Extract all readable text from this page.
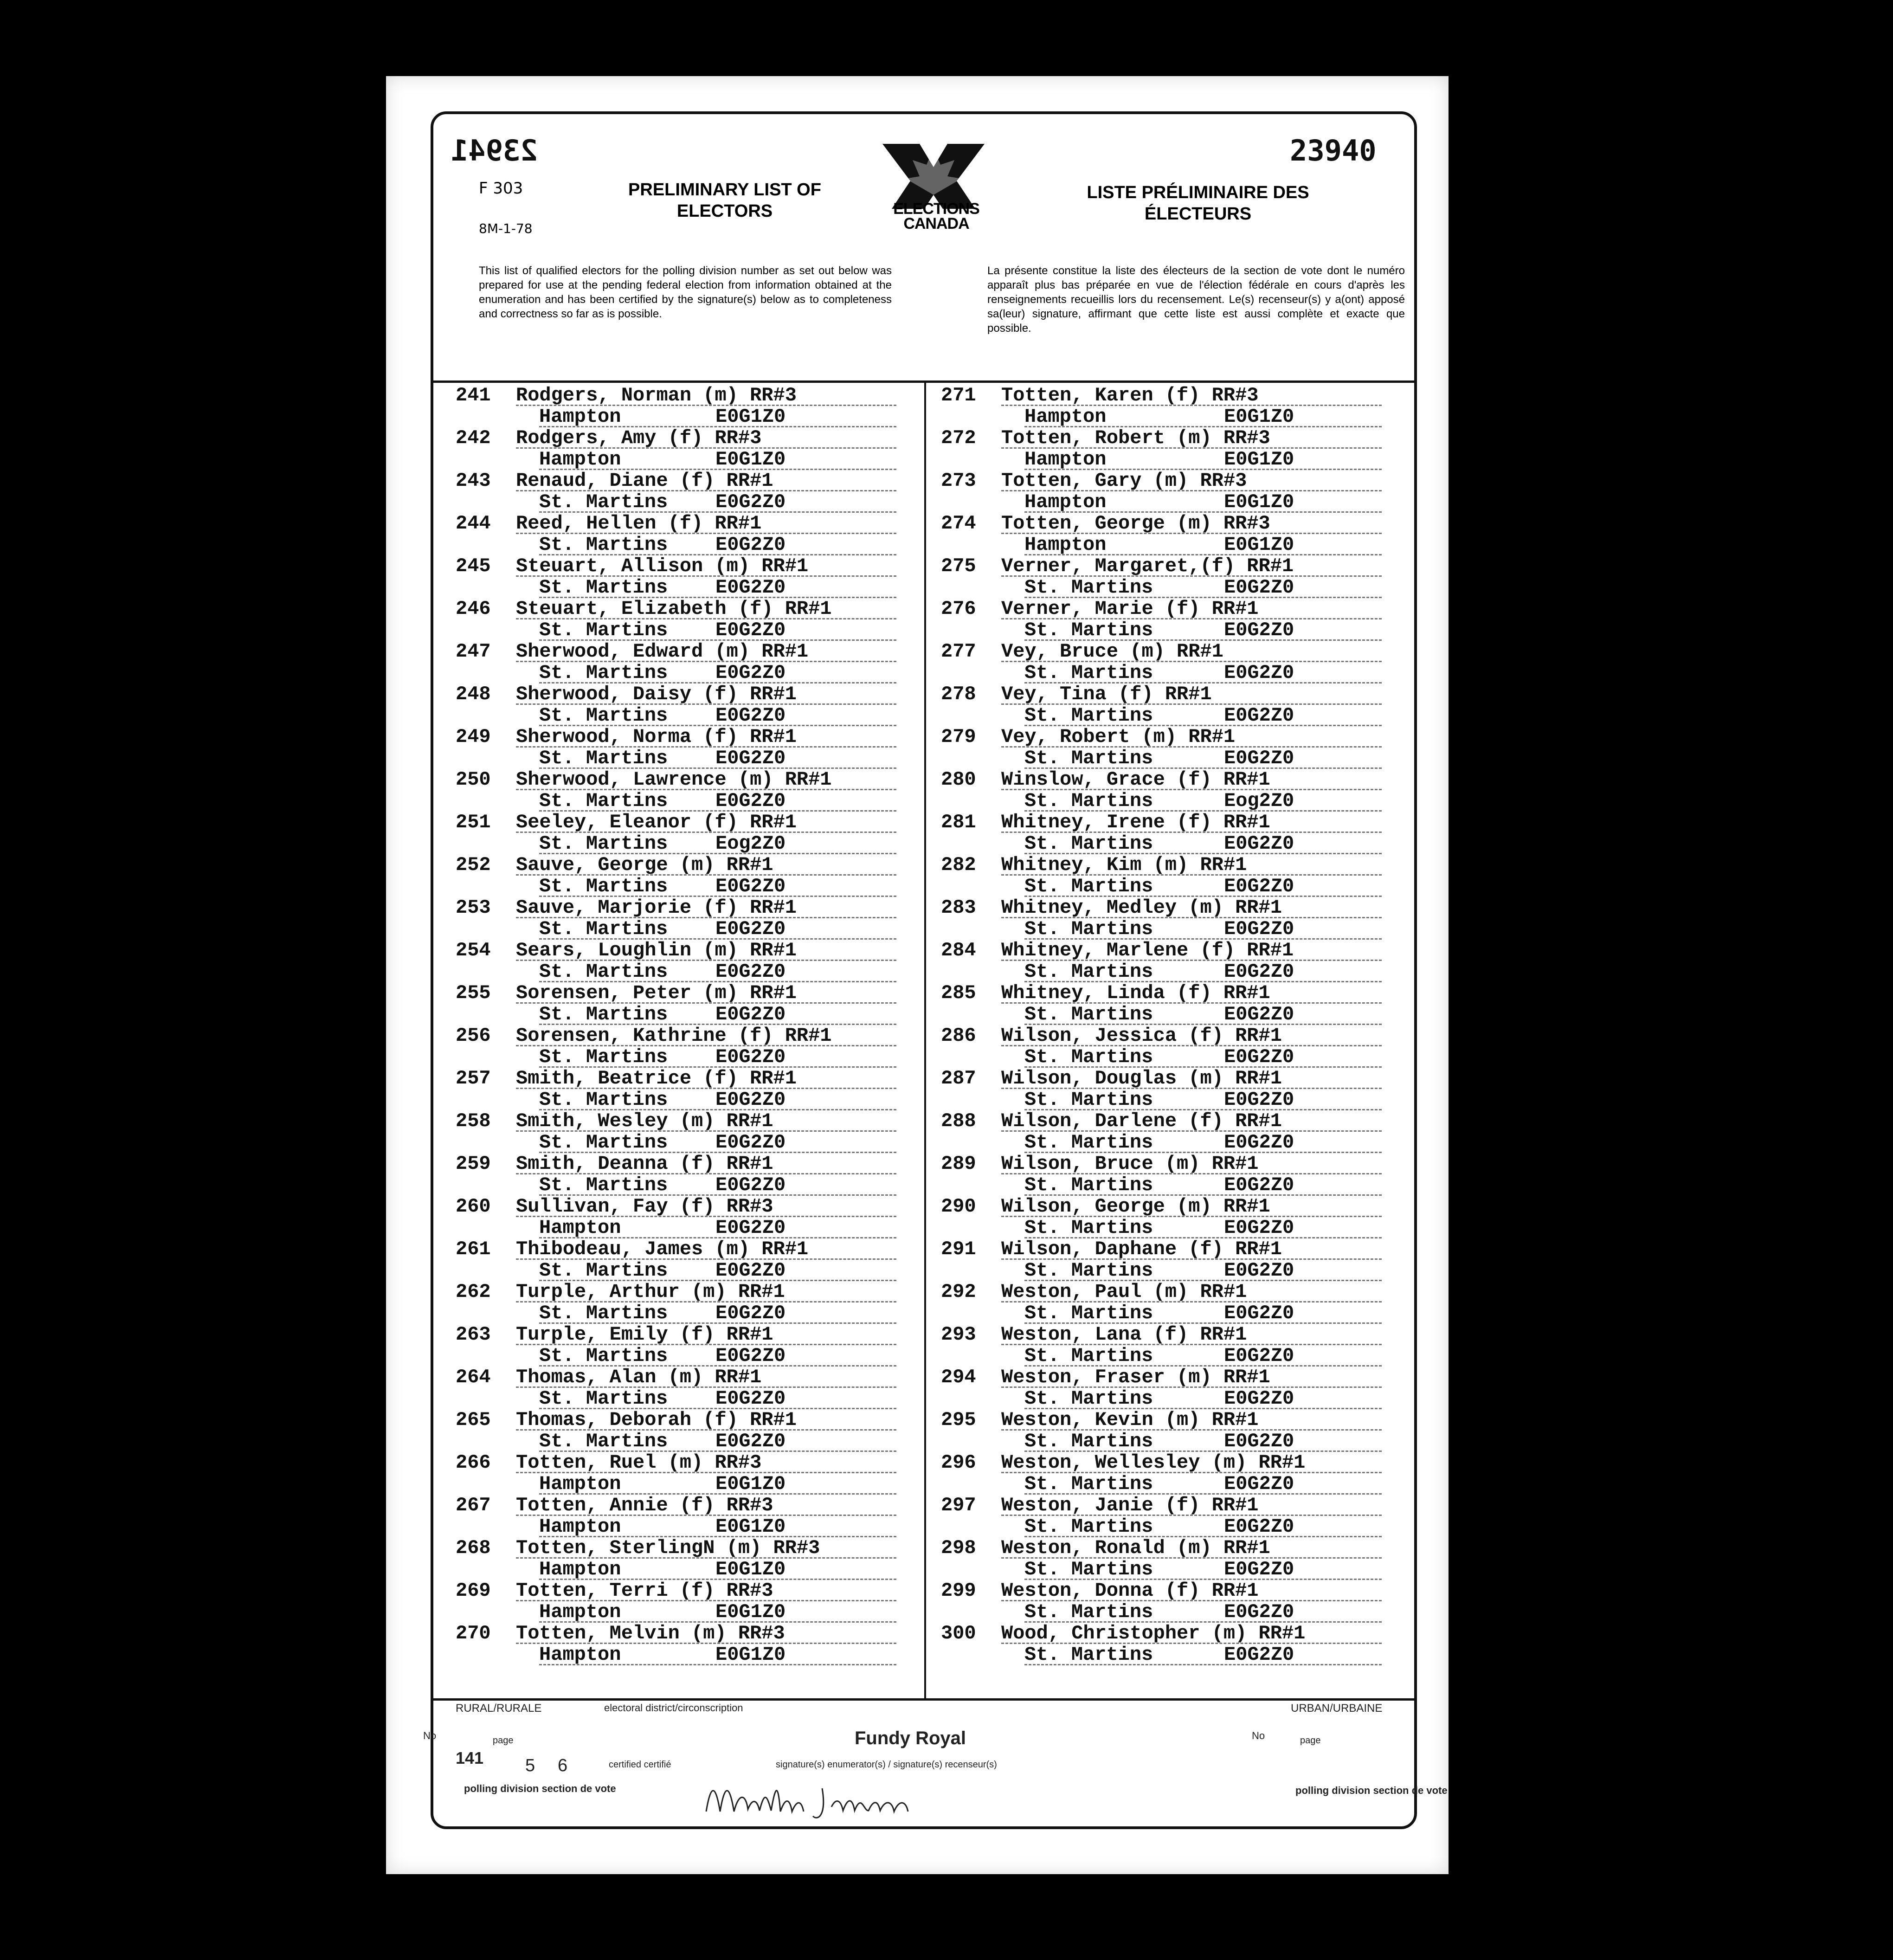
23941	23940
F 303
8M-1-78
PRELIMINARY LIST OF ELECTORS	ELECTIONS CANADA
LISTE PRÉLIMINAIRE DES ÉLECTEURS
This list of qualified electors for the polling division number as set out below was prepared for use at the pending federal election from information obtained at the enumeration and has been certified by the signature(s) below as to completeness and correctness so far as is possible.
La présente constitue la liste des électeurs de la section de vote dont le numéro apparaît plus bas préparée en vue de l'élection fédérale en cours d'après les renseignements recueillis lors du recensement. Le(s) recenseur(s) y a(ont) apposé sa(leur) signature, affirmant que cette liste est aussi complète et exacte que possible.
241	Rodgers, Norman (m) RR#3
Hampton	E0G1Z0
242	Rodgers, Amy (f) RR#3
Hampton	E0G1Z0
243	Renaud, Diane (f) RR#1
St. Martins	E0G2Z0
244	Reed, Hellen (f) RR#1
St. Martins	E0G2Z0
245	Steuart, Allison (m) RR#1
St. Martins	E0G2Z0
246	Steuart, Elizabeth (f) RR#1
St. Martins	E0G2Z0
247	Sherwood, Edward (m) RR#1
St. Martins	E0G2Z0
248	Sherwood, Daisy (f) RR#1
St. Martins	E0G2Z0
249	Sherwood, Norma (f) RR#1
St. Martins	E0G2Z0
250	Sherwood, Lawrence (m) RR#1
St. Martins	E0G2Z0
251	Seeley, Eleanor (f) RR#1
St. Martins	Eog2Z0
252	Sauve, George (m) RR#1
St. Martins	E0G2Z0
253	Sauve, Marjorie (f) RR#1
St. Martins	E0G2Z0
254	Sears, Loughlin (m) RR#1
St. Martins	E0G2Z0
255	Sorensen, Peter (m) RR#1
St. Martins	E0G2Z0
256	Sorensen, Kathrine (f) RR#1
St. Martins	E0G2Z0
257	Smith, Beatrice (f) RR#1
St. Martins	E0G2Z0
258	Smith, Wesley (m) RR#1
St. Martins	E0G2Z0
259	Smith, Deanna (f) RR#1
St. Martins	E0G2Z0
260	Sullivan, Fay (f) RR#3
Hampton	E0G2Z0
261	Thibodeau, James (m) RR#1
St. Martins	E0G2Z0
262	Turple, Arthur (m) RR#1
St. Martins	E0G2Z0
263	Turple, Emily (f) RR#1
St. Martins	E0G2Z0
264	Thomas, Alan (m) RR#1
St. Martins	E0G2Z0
265	Thomas, Deborah (f) RR#1
St. Martins	E0G2Z0
266	Totten, Ruel (m) RR#3
Hampton	E0G1Z0
267	Totten, Annie (f) RR#3
Hampton	E0G1Z0
268	Totten, SterlingN (m) RR#3
Hampton	E0G1Z0
269	Totten, Terri (f) RR#3
Hampton	E0G1Z0
270	Totten, Melvin (m) RR#3
Hampton	E0G1Z0
271	Totten, Karen (f) RR#3
Hampton	E0G1Z0
272	Totten, Robert (m) RR#3
Hampton	E0G1Z0
273	Totten, Gary (m) RR#3
Hampton	E0G1Z0
274	Totten, George (m) RR#3
Hampton	E0G1Z0
275	Verner, Margaret,(f) RR#1
St. Martins	E0G2Z0
276	Verner, Marie (f) RR#1
St. Martins	E0G2Z0
277	Vey, Bruce (m) RR#1
St. Martins	E0G2Z0
278	Vey, Tina (f) RR#1
St. Martins	E0G2Z0
279	Vey, Robert (m) RR#1
St. Martins	E0G2Z0
280	Winslow, Grace (f) RR#1
St. Martins	Eog2Z0
281	Whitney, Irene (f) RR#1
St. Martins	E0G2Z0
282	Whitney, Kim (m) RR#1
St. Martins	E0G2Z0
283	Whitney, Medley (m) RR#1
St. Martins	E0G2Z0
284	Whitney, Marlene (f) RR#1
St. Martins	E0G2Z0
285	Whitney, Linda (f) RR#1
St. Martins	E0G2Z0
286	Wilson, Jessica (f) RR#1
St. Martins	E0G2Z0
287	Wilson, Douglas (m) RR#1
St. Martins	E0G2Z0
288	Wilson, Darlene (f) RR#1
St. Martins	E0G2Z0
289	Wilson, Bruce (m) RR#1
St. Martins	E0G2Z0
290	Wilson, George (m) RR#1
St. Martins	E0G2Z0
291	Wilson, Daphane (f) RR#1
St. Martins	E0G2Z0
292	Weston, Paul (m) RR#1
St. Martins	E0G2Z0
293	Weston, Lana (f) RR#1
St. Martins	E0G2Z0
294	Weston, Fraser (m) RR#1
St. Martins	E0G2Z0
295	Weston, Kevin (m) RR#1
St. Martins	E0G2Z0
296	Weston, Wellesley (m) RR#1
St. Martins	E0G2Z0
297	Weston, Janie (f) RR#1
St. Martins	E0G2Z0
298	Weston, Ronald (m) RR#1
St. Martins	E0G2Z0
299	Weston, Donna (f) RR#1
St. Martins	E0G2Z0
300	Wood, Christopher (m) RR#1
St. Martins	E0G2Z0
RURAL/RURALE	electoral district/circonscription	URBAN/URBAINE
No	page	Fundy Royal	No	page
141 5 6	certified certifié	signature(s) enumerator(s) / signature(s) recenseur(s)
polling division section de vote	polling division section de vote
